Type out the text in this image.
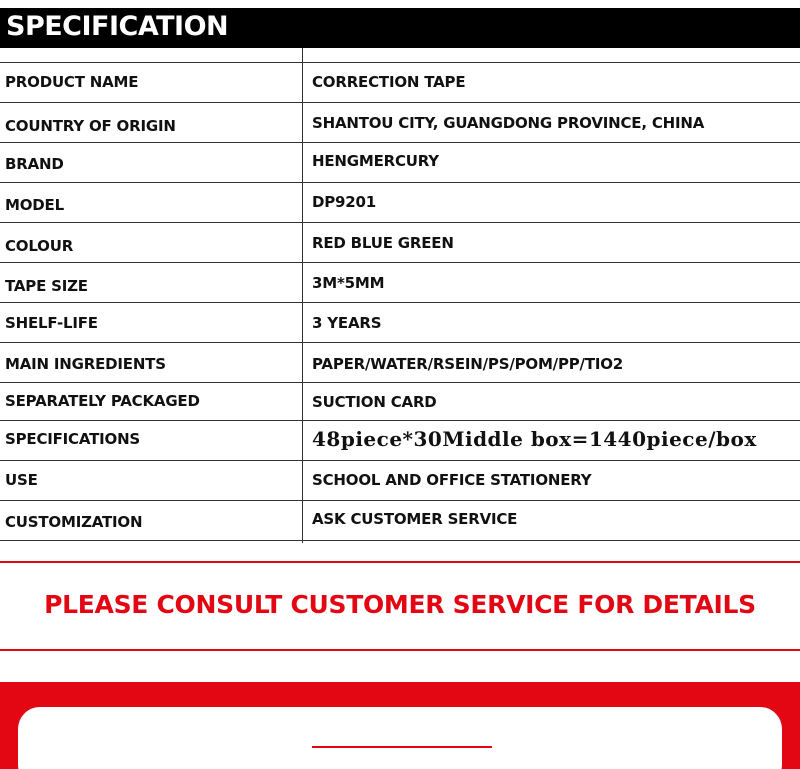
SPECIFICATION
PRODUCT NAME	CORRECTION TAPE
COUNTRY OF ORIGIN	SHANTOU CITY, GUANGDONG PROVINCE, CHINA
BRAND	HENGMERCURY
MODEL	DP9201
COLOUR	RED BLUE GREEN
TAPE SIZE	3M*5MM
SHELF-LIFE	3 YEARS
MAIN INGREDIENTS	PAPER/WATER/RSEIN/PS/POM/PP/TIO2
SEPARATELY PACKAGED	SUCTION CARD
SPECIFICATIONS	48piece*30Middle box=1440piece/box
USE	SCHOOL AND OFFICE STATIONERY
CUSTOMIZATION	ASK CUSTOMER SERVICE
PLEASE CONSULT CUSTOMER SERVICE FOR DETAILS
